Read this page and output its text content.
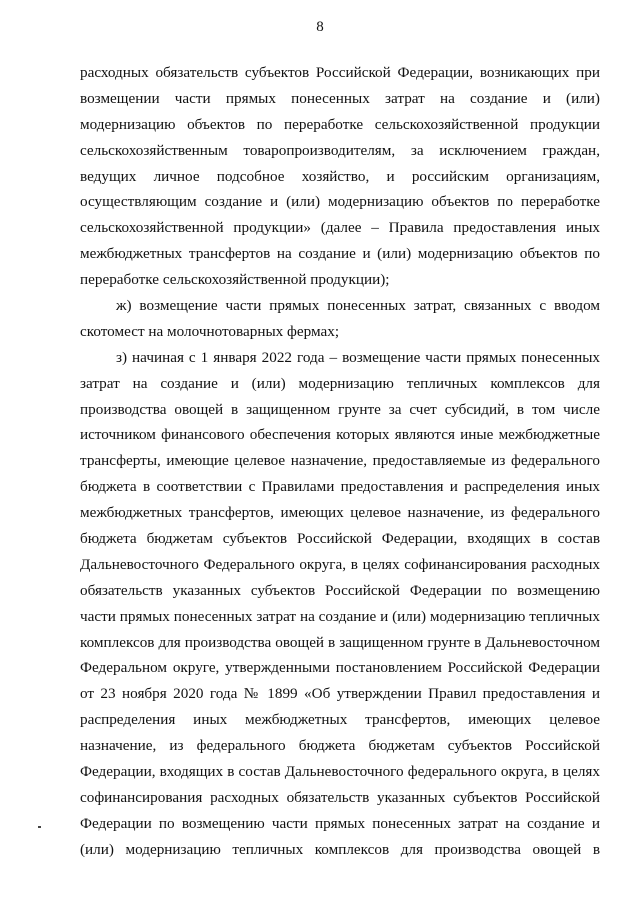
8
расходных обязательств субъектов Российской Федерации, возникающих при
возмещении части прямых понесенных затрат на создание и (или)
модернизацию объектов по переработке сельскохозяйственной продукции
сельскохозяйственным товаропроизводителям, за исключением граждан,
ведущих личное подсобное хозяйство, и российским организациям,
осуществляющим создание и (или) модернизацию объектов по переработке
сельскохозяйственной продукции» (далее – Правила предоставления иных
межбюджетных трансфертов на создание и (или) модернизацию объектов по
переработке сельскохозяйственной продукции);
ж) возмещение части прямых понесенных затрат, связанных с вводом
скотомест на молочнотоварных фермах;
з) начиная с 1 января 2022 года – возмещение части прямых понесенных
затрат на создание и (или) модернизацию тепличных комплексов для
производства овощей в защищенном грунте за счет субсидий, в том числе
источником финансового обеспечения которых являются иные межбюджетные
трансферты, имеющие целевое назначение, предоставляемые из федерального
бюджета в соответствии с Правилами предоставления и распределения иных
межбюджетных трансфертов, имеющих целевое назначение, из федерального
бюджета бюджетам субъектов Российской Федерации, входящих в состав
Дальневосточного Федерального округа, в целях софинансирования расходных
обязательств указанных субъектов Российской Федерации по возмещению
части прямых понесенных затрат на создание и (или) модернизацию тепличных
комплексов для производства овощей в защищенном грунте в Дальневосточном
Федеральном округе, утвержденными постановлением Российской Федерации
от 23 ноября 2020 года № 1899 «Об утверждении Правил предоставления и
распределения иных межбюджетных трансфертов, имеющих целевое
назначение, из федерального бюджета бюджетам субъектов Российской
Федерации, входящих в состав Дальневосточного федерального округа, в целях
софинансирования расходных обязательств указанных субъектов Российской
Федерации по возмещению части прямых понесенных затрат на создание и
(или) модернизацию тепличных комплексов для производства овощей в
